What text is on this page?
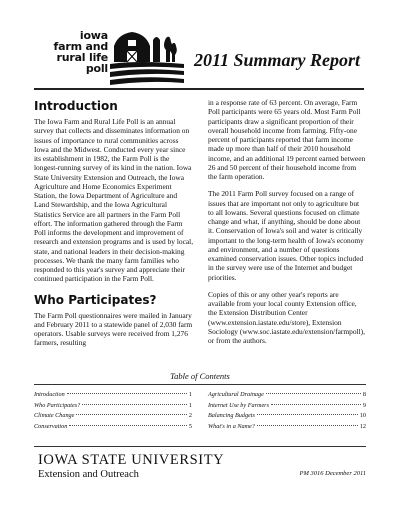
iowa
farm and
rural life
poll	2011 Summary Report
Introduction

The Iowa Farm and Rural Life Poll is an annual survey that collects and disseminates information on issues of importance to rural communities across Iowa and the Midwest. Conducted every year since its establishment in 1982, the Farm Poll is the longest-running survey of its kind in the nation. Iowa State University Extension and Outreach, the Iowa Agriculture and Home Economics Experiment Station, the Iowa Department of Agriculture and Land Stewardship, and the Iowa Agricultural Statistics Service are all partners in the Farm Poll effort. The information gathered through the Farm Poll informs the development and improvement of research and extension programs and is used by local, state, and national leaders in their decision-making processes. We thank the many farm families who responded to this year's survey and appreciate their continued participation in the Farm Poll.

Who Participates?

The Farm Poll questionnaires were mailed in January and February 2011 to a statewide panel of 2,030 farm operators. Usable surveys were received from 1,276 farmers, resulting

in a response rate of 63 percent. On average, Farm Poll participants were 65 years old. Most Farm Poll participants draw a significant proportion of their overall household income from farming. Fifty-one percent of participants reported that farm income made up more than half of their 2010 household income, and an additional 19 percent earned between 26 and 50 percent of their household income from the farm operation.

The 2011 Farm Poll survey focused on a range of issues that are important not only to agriculture but to all Iowans. Several questions focused on climate change and what, if anything, should be done about it. Conservation of Iowa's soil and water is critically important to the long-term health of Iowa's economy and environment, and a number of questions examined conservation issues. Other topics included in the survey were use of the Internet and budget priorities.

Copies of this or any other year's reports are available from your local county Extension office, the Extension Distribution Center (www.extension.iastate.edu/store), Extension Sociology (www.soc.iastate.edu/extension/farmpoll), or from the authors.

Table of Contents
Introduction	1
Who Participates?	1
Climate Change	2
Conservation	5
Agricultural Drainage	8
Internet Use by Farmers	9
Balancing Budgets	10
What's in a Name?	12
IOWA STATE UNIVERSITY
Extension and Outreach	PM 3016 December 2011
